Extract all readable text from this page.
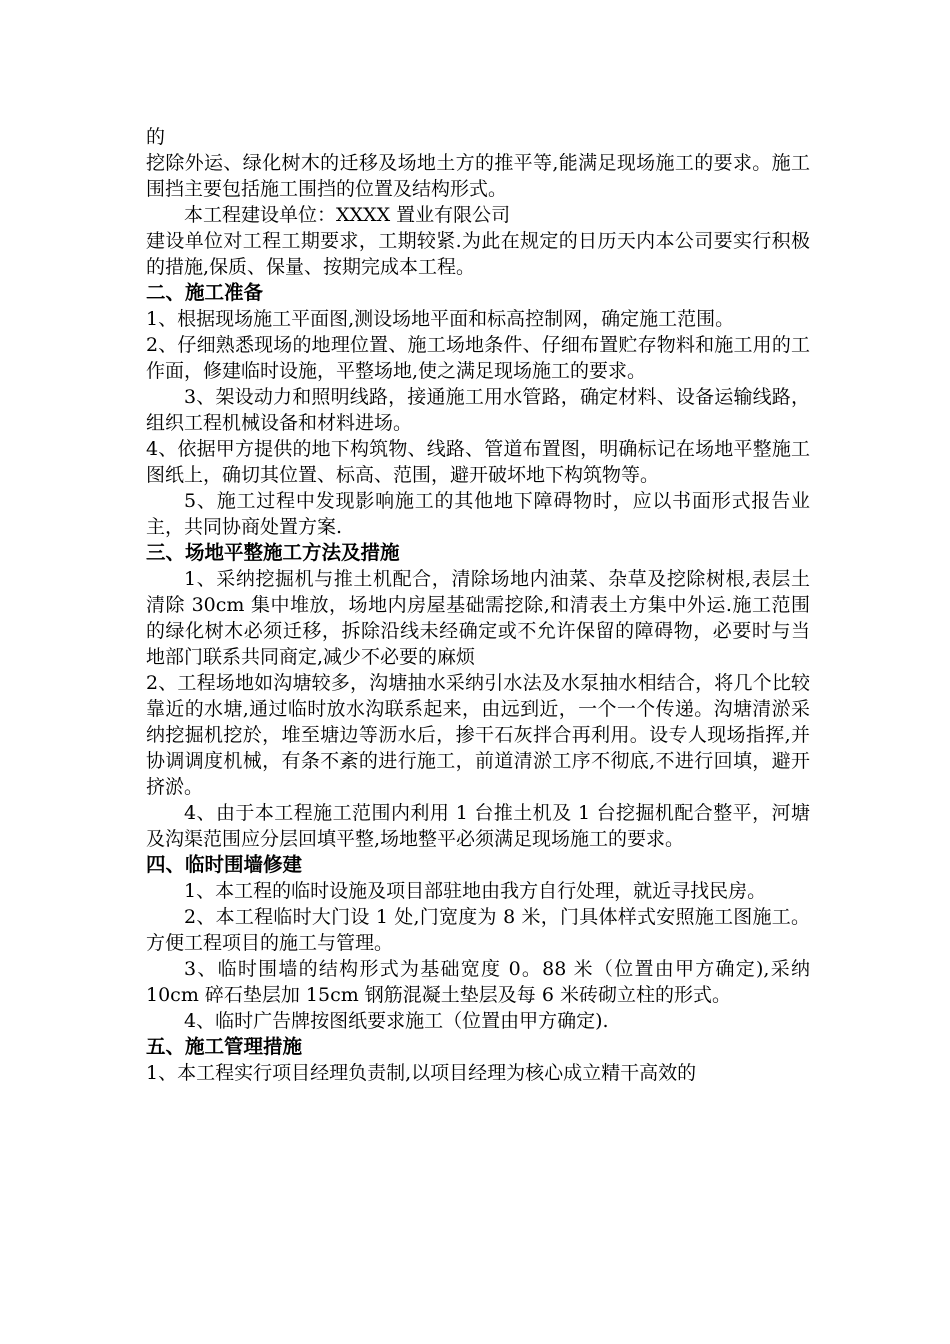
的

挖除外运、绿化树木的迁移及场地土方的推平等,能满足现场施工的要求。施工围挡主要包括施工围挡的位置及结构形式。

本工程建设单位：XXXX 置业有限公司

建设单位对工程工期要求，工期较紧.为此在规定的日历天内本公司要实行积极的措施,保质、保量、按期完成本工程。

二、施工准备

1、根据现场施工平面图,测设场地平面和标高控制网，确定施工范围。

2、仔细熟悉现场的地理位置、施工场地条件、仔细布置贮存物料和施工用的工作面，修建临时设施，平整场地,使之满足现场施工的要求。

3、架设动力和照明线路，接通施工用水管路，确定材料、设备运输线路，组织工程机械设备和材料进场。

4、依据甲方提供的地下构筑物、线路、管道布置图，明确标记在场地平整施工图纸上，确切其位置、标高、范围，避开破坏地下构筑物等。

5、施工过程中发现影响施工的其他地下障碍物时，应以书面形式报告业主，共同协商处置方案.

三、场地平整施工方法及措施

1、采纳挖掘机与推土机配合，清除场地内油菜、杂草及挖除树根,表层土清除 30cm 集中堆放，场地内房屋基础需挖除,和清表土方集中外运.施工范围的绿化树木必须迁移，拆除沿线未经确定或不允许保留的障碍物，必要时与当地部门联系共同商定,减少不必要的麻烦

2、工程场地如沟塘较多，沟塘抽水采纳引水法及水泵抽水相结合，将几个比较靠近的水塘,通过临时放水沟联系起来，由远到近，一个一个传递。沟塘清淤采纳挖掘机挖於，堆至塘边等沥水后，掺干石灰拌合再利用。设专人现场指挥,并协调调度机械，有条不紊的进行施工，前道清淤工序不彻底,不进行回填，避开挤淤。

4、由于本工程施工范围内利用 1 台推土机及 1 台挖掘机配合整平，河塘及沟渠范围应分层回填平整,场地整平必须满足现场施工的要求。

四、临时围墙修建

1、本工程的临时设施及项目部驻地由我方自行处理，就近寻找民房。

2、本工程临时大门设 1 处,门宽度为 8 米，门具体样式安照施工图施工。方便工程项目的施工与管理。

3、临时围墙的结构形式为基础宽度 0。88 米（位置由甲方确定),采纳 10cm 碎石垫层加 15cm 钢筋混凝土垫层及每 6 米砖砌立柱的形式。

4、临时广告牌按图纸要求施工（位置由甲方确定).

五、施工管理措施

1、本工程实行项目经理负责制,以项目经理为核心成立精干高效的
